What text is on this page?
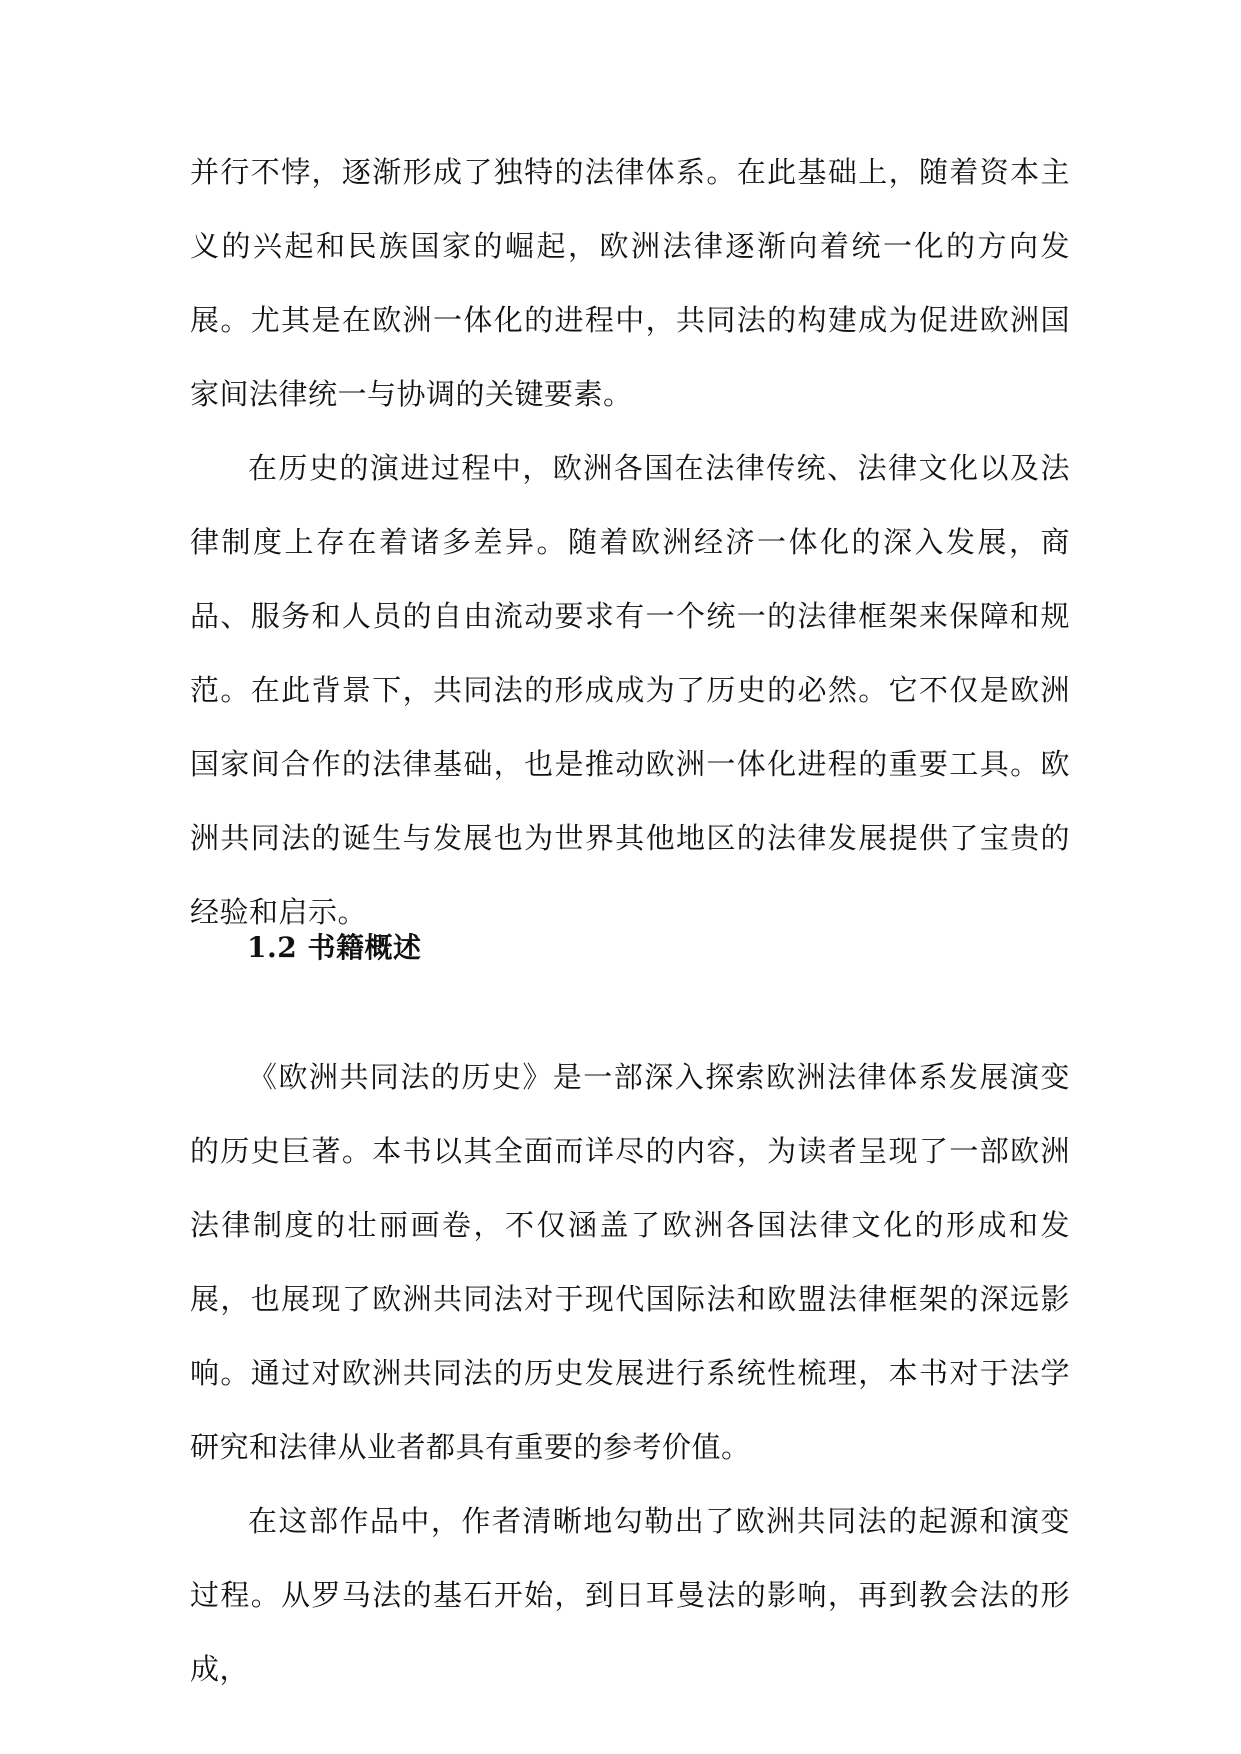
并行不悖，逐渐形成了独特的法律体系。在此基础上，随着资本主义的兴起和民族国家的崛起，欧洲法律逐渐向着统一化的方向发展。尤其是在欧洲一体化的进程中，共同法的构建成为促进欧洲国家间法律统一与协调的关键要素。

在历史的演进过程中，欧洲各国在法律传统、法律文化以及法律制度上存在着诸多差异。随着欧洲经济一体化的深入发展，商品、服务和人员的自由流动要求有一个统一的法律框架来保障和规范。在此背景下，共同法的形成成为了历史的必然。它不仅是欧洲国家间合作的法律基础，也是推动欧洲一体化进程的重要工具。欧洲共同法的诞生与发展也为世界其他地区的法律发展提供了宝贵的经验和启示。

1.2 书籍概述

《欧洲共同法的历史》是一部深入探索欧洲法律体系发展演变的历史巨著。本书以其全面而详尽的内容，为读者呈现了一部欧洲法律制度的壮丽画卷，不仅涵盖了欧洲各国法律文化的形成和发展，也展现了欧洲共同法对于现代国际法和欧盟法律框架的深远影响。通过对欧洲共同法的历史发展进行系统性梳理，本书对于法学研究和法律从业者都具有重要的参考价值。

在这部作品中，作者清晰地勾勒出了欧洲共同法的起源和演变过程。从罗马法的基石开始，到日耳曼法的影响，再到教会法的形成，
